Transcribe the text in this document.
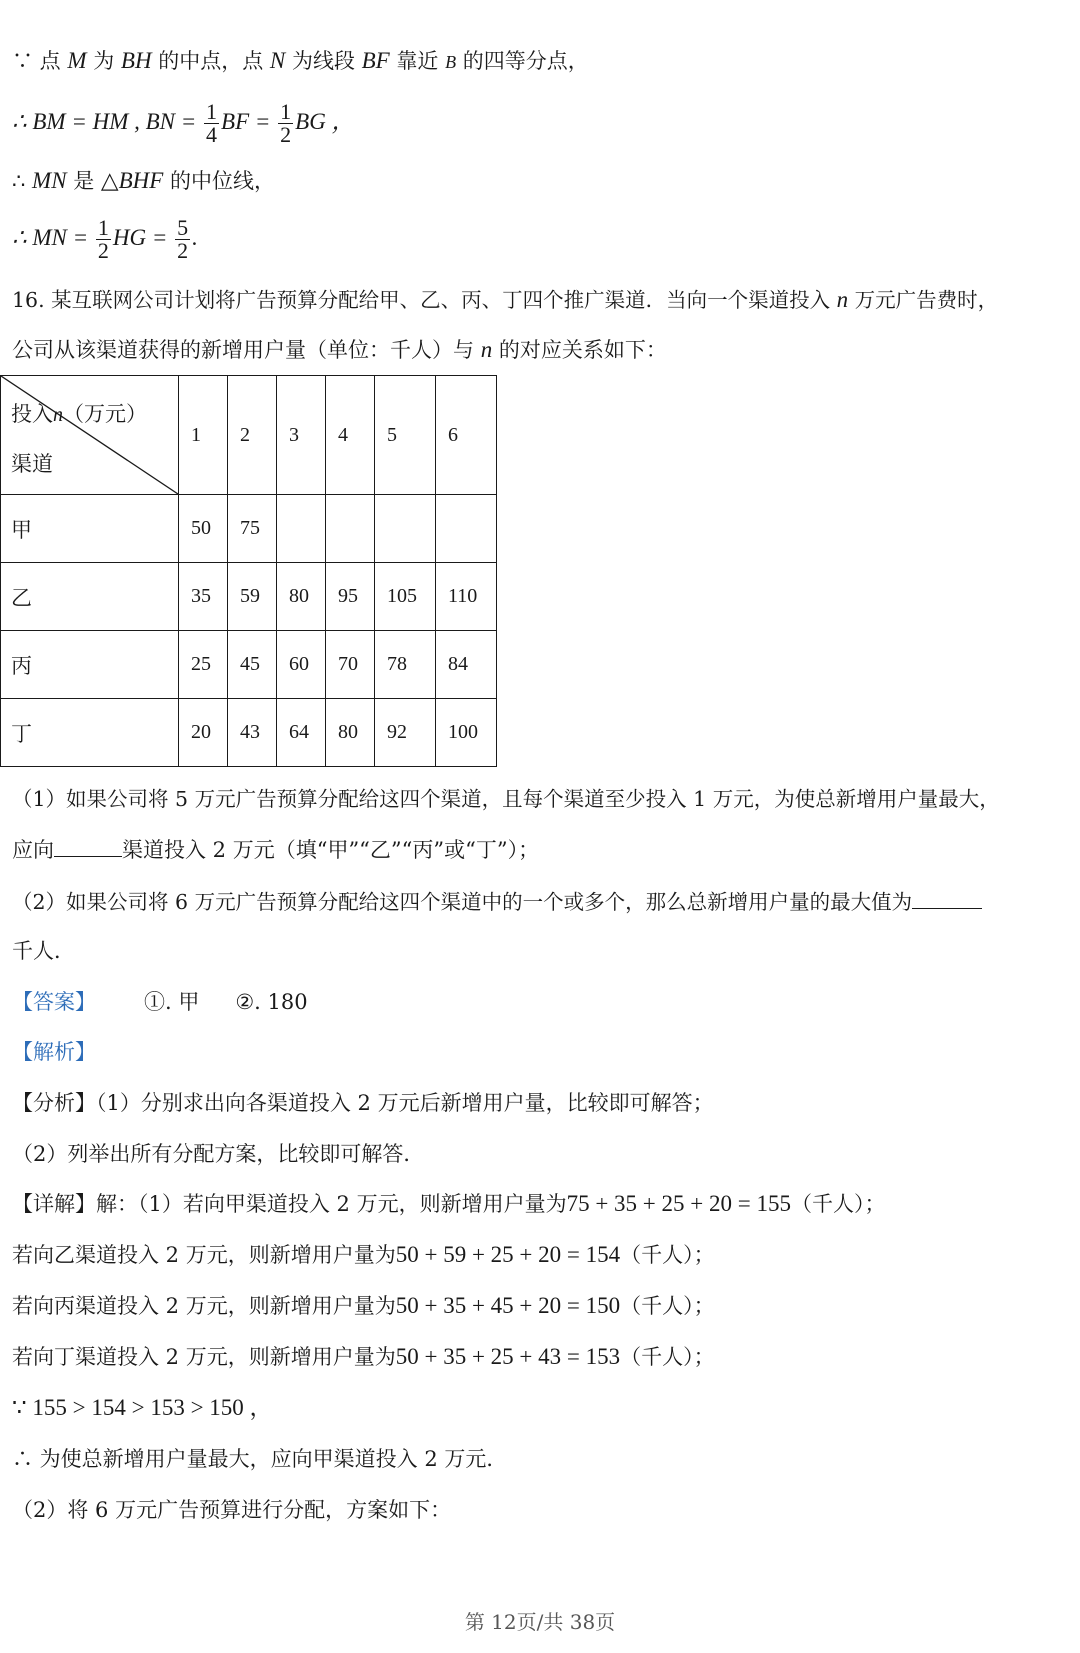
∵ 点 M 为 BH 的中点，点 N 为线段 BF 靠近 B 的四等分点，
∴ BM = HM , BN = $\frac{1}{4}$ BF = $\frac{1}{2}$ BG ，
∴ MN 是 △BHF 的中位线，
∴ MN = $\frac{1}{2}$ HG = $\frac{5}{2}$ .
16. 某互联网公司计划将广告预算分配给甲、乙、丙、丁四个推广渠道．当向一个渠道投入 n 万元广告费时，
公司从该渠道获得的新增用户量（单位：千人）与 n 的对应关系如下：
投入n（万元）
渠道	1	2	3	4	5	6
甲	50	75				
乙	35	59	80	95	105	110
丙	25	45	60	70	78	84
丁	20	43	64	80	92	100
（1）如果公司将 5 万元广告预算分配给这四个渠道，且每个渠道至少投入 1 万元，为使总新增用户量最大，
应向	渠道投入 2 万元（填“甲”“乙”“丙”或“丁”）；
（2）如果公司将 6 万元广告预算分配给这四个渠道中的一个或多个，那么总新增用户量的最大值为
千人．
【答案】 ①. 甲 ②. 180
【解析】
【分析】（1）分别求出向各渠道投入 2 万元后新增用户量，比较即可解答；
（2）列举出所有分配方案，比较即可解答．
【详解】解：（1）若向甲渠道投入 2 万元，则新增用户量为75 + 35 + 25 + 20 = 155（千人）；
若向乙渠道投入 2 万元，则新增用户量为50 + 59 + 25 + 20 = 154（千人）；
若向丙渠道投入 2 万元，则新增用户量为50 + 35 + 45 + 20 = 150（千人）；
若向丁渠道投入 2 万元，则新增用户量为50 + 35 + 25 + 43 = 153（千人）；
∵ 155 > 154 > 153 > 150 ，
∴ 为使总新增用户量最大，应向甲渠道投入 2 万元．
（2）将 6 万元广告预算进行分配，方案如下：
第 12页/共 38页
